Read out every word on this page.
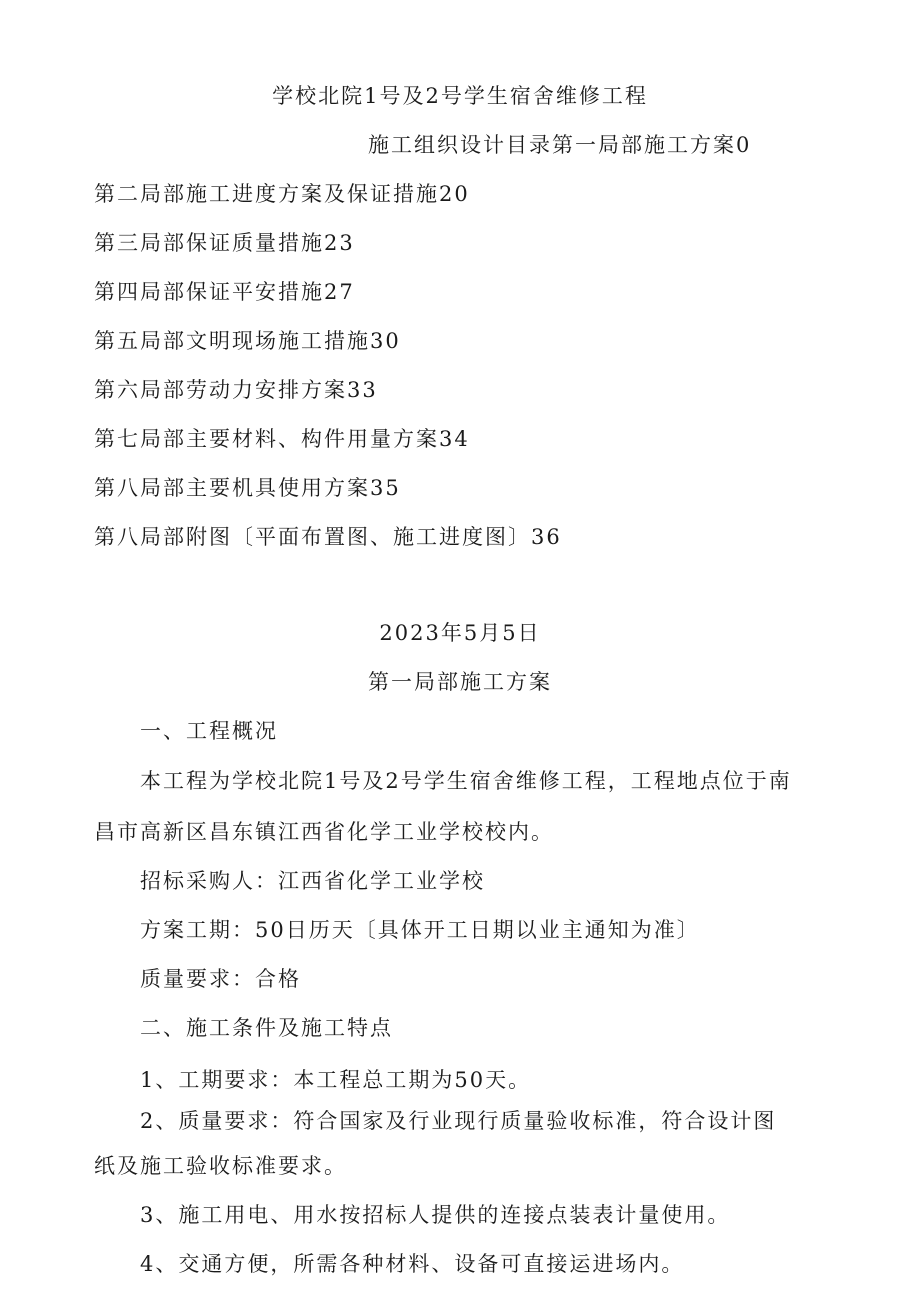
学校北院1号及2号学生宿舍维修工程
施工组织设计目录第一局部施工方案0
第二局部施工进度方案及保证措施20
第三局部保证质量措施23
第四局部保证平安措施27
第五局部文明现场施工措施30
第六局部劳动力安排方案33
第七局部主要材料、构件用量方案34
第八局部主要机具使用方案35
第八局部附图〔平面布置图、施工进度图〕36
2023年5月5日
第一局部施工方案
一、工程概况
本工程为学校北院1号及2号学生宿舍维修工程，工程地点位于南
昌市高新区昌东镇江西省化学工业学校校内。
招标采购人：江西省化学工业学校
方案工期：50日历天〔具体开工日期以业主通知为准〕
质量要求：合格
二、施工条件及施工特点
1、工期要求：本工程总工期为50天。
2、质量要求：符合国家及行业现行质量验收标准，符合设计图
纸及施工验收标准要求。
3、施工用电、用水按招标人提供的连接点装表计量使用。
4、交通方便，所需各种材料、设备可直接运进场内。
